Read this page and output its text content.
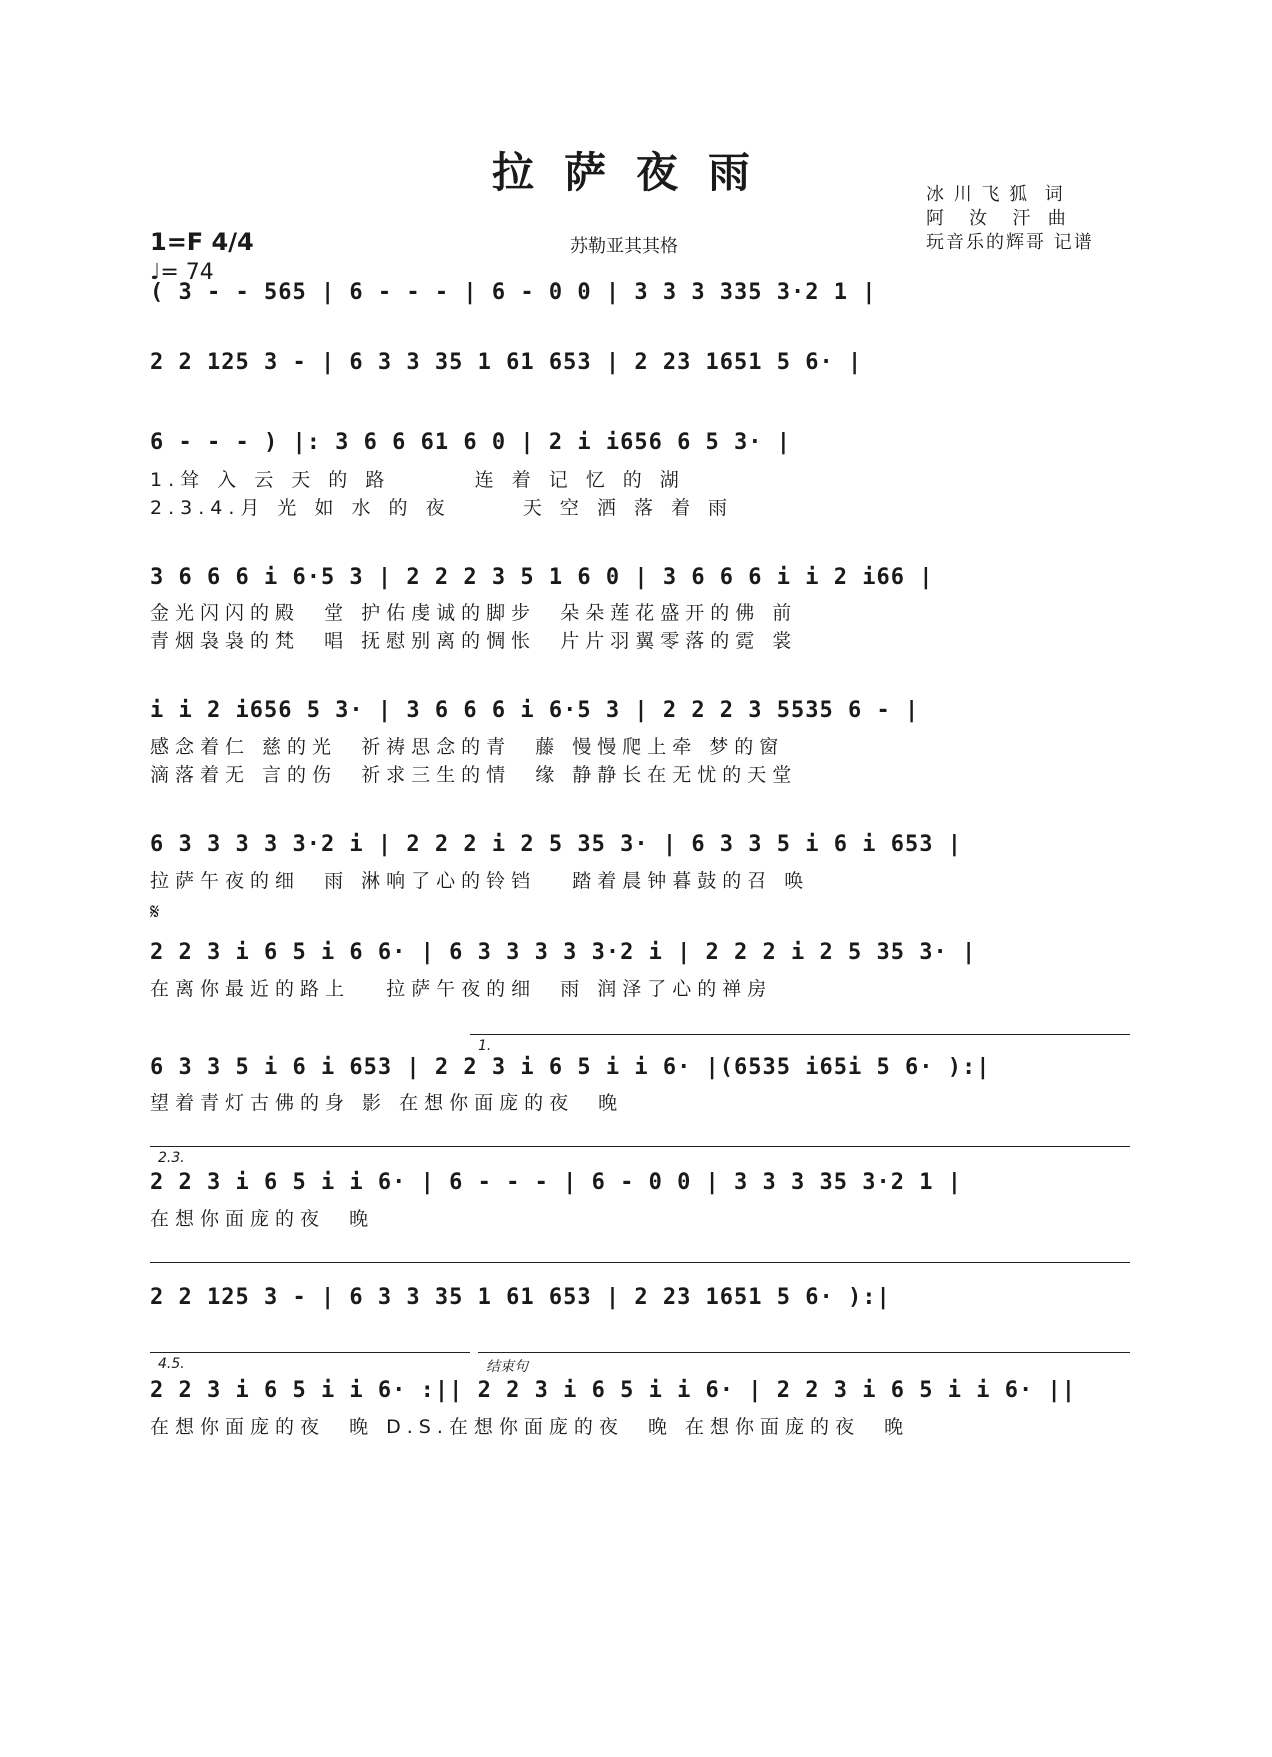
拉萨夜雨
1=F 4/4
♩= 74
苏勒亚其其格
冰 川 飞 狐  词
阿   汝   汗  曲
玩音乐的辉哥 记谱
( 3 - - 565 | 6 - - - | 6 - 0 0 | 3 3 3 335 3·2 1 |
2 2 125 3 - | 6 3 3 35 1 61 653 | 2 23 1651 5 6· |
6 - - - ) |: 3 6 6 61 6 0 | 2 i i656 6 5 3· |
1.耸 入 云 天 的 路       连 着 记 忆 的 湖
2.3.4.月 光 如 水 的 夜      天 空 洒 落 着 雨
3 6 6 6 i 6·5 3 | 2 2 2 3 5 1 6 0 | 3 6 6 6 i i 2 i66 |
金光闪闪的殿  堂 护佑虔诚的脚步  朵朵莲花盛开的佛 前
青烟袅袅的梵  唱 抚慰别离的惆怅  片片羽翼零落的霓 裳
i i 2 i656 5 3· | 3 6 6 6 i 6·5 3 | 2 2 2 3 5535 6 - |
感念着仁 慈的光  祈祷思念的青  藤 慢慢爬上牵 梦的窗
滴落着无 言的伤  祈求三生的情  缘 静静长在无忧的天堂
𝄋
6 3 3 3 3 3·2 i | 2 2 2 i 2 5 35 3· | 6 3 3 5 i 6 i 653 |
拉萨午夜的细  雨 淋响了心的铃铛   踏着晨钟暮鼓的召 唤
2 2 3 i 6 5 i 6 6· | 6 3 3 3 3 3·2 i | 2 2 2 i 2 5 35 3· |
在离你最近的路上   拉萨午夜的细  雨 润泽了心的禅房
1.
6 3 3 5 i 6 i 653 | 2 2 3 i 6 5 i i 6· |(6535 i65i 5 6· ):|
望着青灯古佛的身 影 在想你面庞的夜  晚
2.3.
2 2 3 i 6 5 i i 6· | 6 - - - | 6 - 0 0 | 3 3 3 35 3·2 1 |
在想你面庞的夜  晚
2 2 125 3 - | 6 3 3 35 1 61 653 | 2 23 1651 5 6· ):|
4.5.	结束句
2 2 3 i 6 5 i i 6· :|| 2 2 3 i 6 5 i i 6· | 2 2 3 i 6 5 i i 6· ||
在想你面庞的夜  晚 D.S.在想你面庞的夜  晚 在想你面庞的夜  晚
